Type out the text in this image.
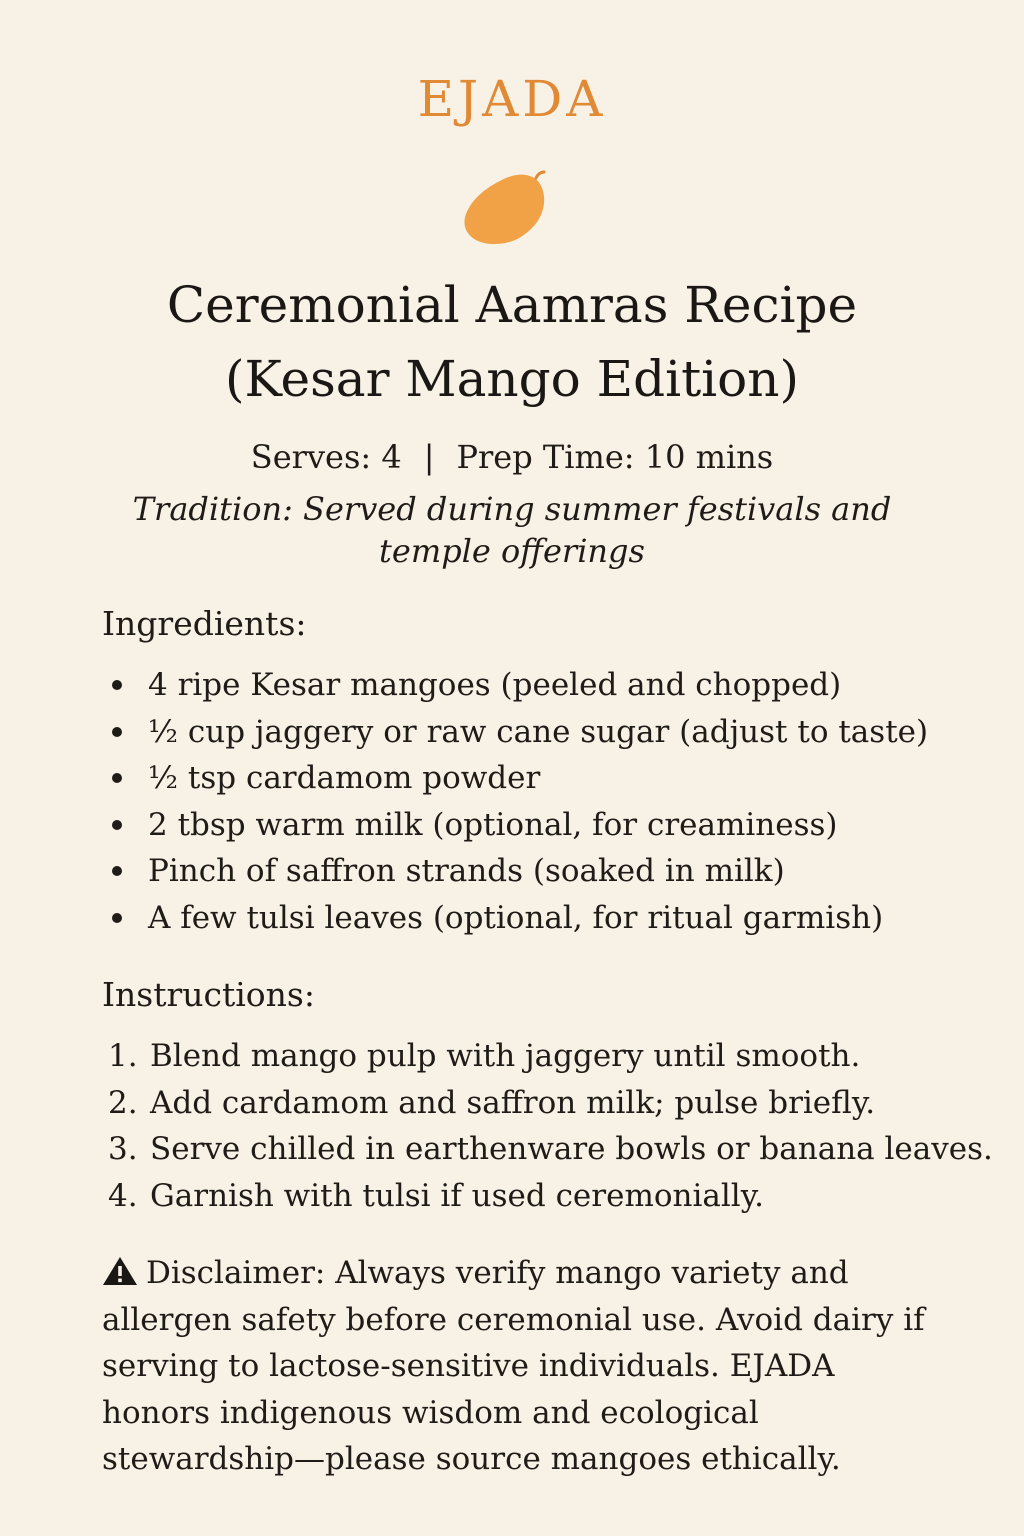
EJADA
Ceremonial Aamras Recipe
(Kesar Mango Edition)
Serves: 4 | Prep Time: 10 mins
Tradition: Served during summer festivals and temple offerings
Ingredients:
4 ripe Kesar mangoes (peeled and chopped)
½ cup jaggery or raw cane sugar (adjust to taste)
½ tsp cardamom powder
2 tbsp warm milk (optional, for creaminess)
Pinch of saffron strands (soaked in milk)
A few tulsi leaves (optional, for ritual garmish)
Instructions:
1. Blend mango pulp with jaggery until smooth.
2. Add cardamom and saffron milk; pulse briefly.
3. Serve chilled in earthenware bowls or banana leaves.
4. Garnish with tulsi if used ceremonially.
Disclaimer: Always verify mango variety and allergen safety before ceremonial use. Avoid dairy if serving to lactose-sensitive individuals. EJADA honors indigenous wisdom and ecological stewardship—please source mangoes ethically.
